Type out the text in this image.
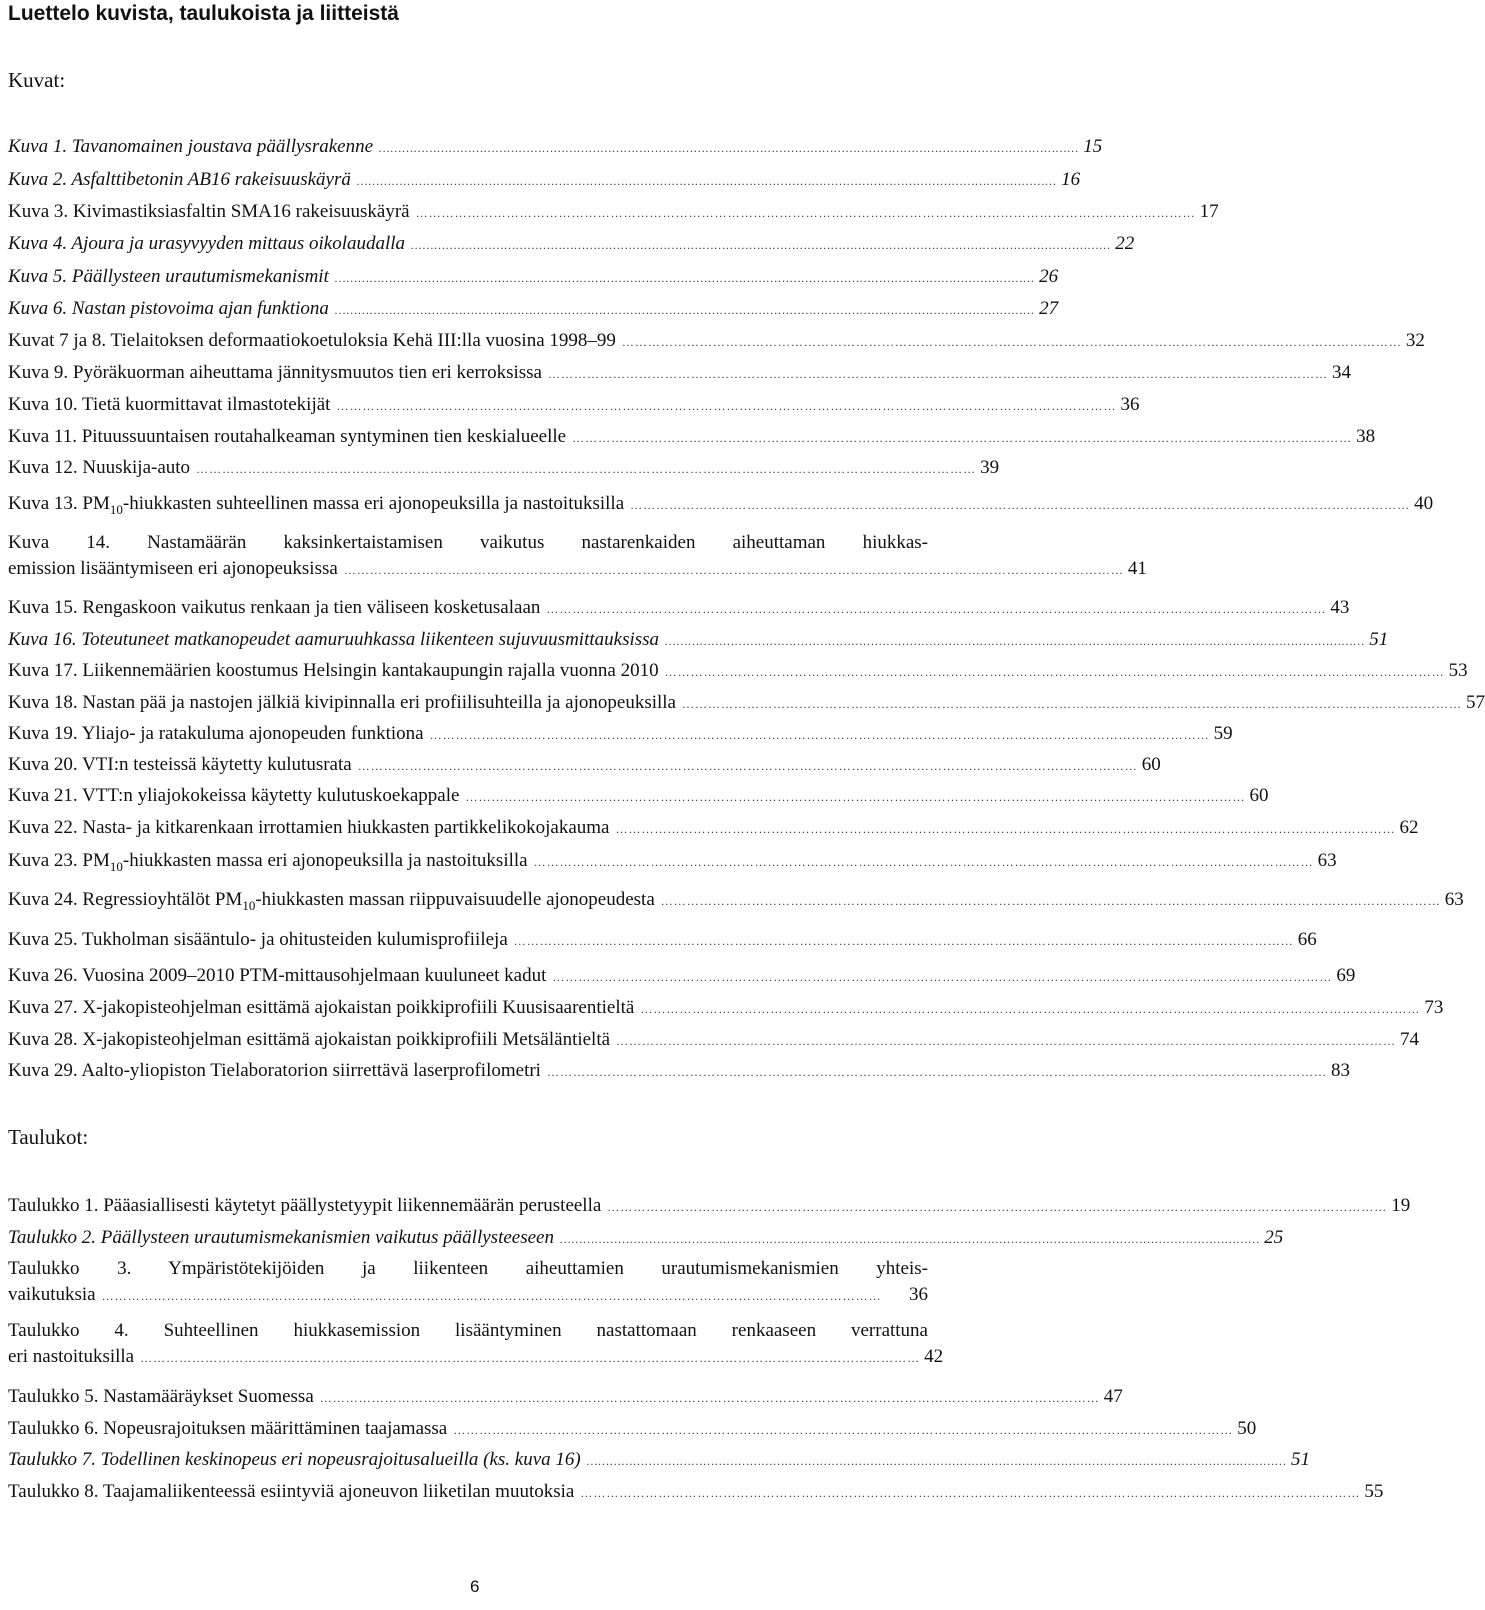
Luettelo kuvista, taulukoista ja liitteistä
Kuvat:
Taulukot:
Kuva 1. Tavanomainen joustava päällysrakenne ……………………………………………………………………………………………………………………………………………………………… 15
Kuva 2. Asfalttibetonin AB16 rakeisuuskäyrä ……………………………………………………………………………………………………………………………………………………………… 16
Kuva 3. Kivimastiksiasfaltin SMA16 rakeisuuskäyrä ……………………………………………………………………………………………………………………………………………………………… 17
Kuva 4. Ajoura ja urasyvyyden mittaus oikolaudalla ……………………………………………………………………………………………………………………………………………………………… 22
Kuva 5. Päällysteen urautumismekanismit ……………………………………………………………………………………………………………………………………………………………… 26
Kuva 6. Nastan pistovoima ajan funktiona ……………………………………………………………………………………………………………………………………………………………… 27
Kuvat 7 ja 8. Tielaitoksen deformaatiokoetuloksia Kehä III:lla vuosina 1998–99 ……………………………………………………………………………………………………………………………………………………………… 32
Kuva 9. Pyöräkuorman aiheuttama jännitysmuutos tien eri kerroksissa ……………………………………………………………………………………………………………………………………………………………… 34
Kuva 10. Tietä kuormittavat ilmastotekijät ……………………………………………………………………………………………………………………………………………………………… 36
Kuva 11. Pituussuuntaisen routahalkeaman syntyminen tien keskialueelle ……………………………………………………………………………………………………………………………………………………………… 38
Kuva 12. Nuuskija-auto ……………………………………………………………………………………………………………………………………………………………… 39
Kuva 13. $PM_{10}$-hiukkasten suhteellinen massa eri ajonopeuksilla ja nastoituksilla ……………………………………………………………………………………………………………………………………………………………… 40
Kuva 14. Nastamäärän kaksinkertaistamisen vaikutus nastarenkaiden aiheuttaman hiukkas-
emission lisääntymiseen eri ajonopeuksissa ……………………………………………………………………………………………………………………………………………………………… 41
Kuva 15. Rengaskoon vaikutus renkaan ja tien väliseen kosketusalaan ……………………………………………………………………………………………………………………………………………………………… 43
Kuva 16. Toteutuneet matkanopeudet aamuruuhkassa liikenteen sujuvuusmittauksissa ……………………………………………………………………………………………………………………………………………………………… 51
Kuva 17. Liikennemäärien koostumus Helsingin kantakaupungin rajalla vuonna 2010 ……………………………………………………………………………………………………………………………………………………………… 53
Kuva 18. Nastan pää ja nastojen jälkiä kivipinnalla eri profiilisuhteilla ja ajonopeuksilla ……………………………………………………………………………………………………………………………………………………………… 57
Kuva 19. Yliajo- ja ratakuluma ajonopeuden funktiona ……………………………………………………………………………………………………………………………………………………………… 59
Kuva 20. VTI:n testeissä käytetty kulutusrata ……………………………………………………………………………………………………………………………………………………………… 60
Kuva 21. VTT:n yliajokokeissa käytetty kulutuskoekappale ……………………………………………………………………………………………………………………………………………………………… 60
Kuva 22. Nasta- ja kitkarenkaan irrottamien hiukkasten partikkelikokojakauma ……………………………………………………………………………………………………………………………………………………………… 62
Kuva 23. $PM_{10}$-hiukkasten massa eri ajonopeuksilla ja nastoituksilla ……………………………………………………………………………………………………………………………………………………………… 63
Kuva 24. Regressioyhtälöt $PM_{10}$-hiukkasten massan riippuvaisuudelle ajonopeudesta ……………………………………………………………………………………………………………………………………………………………… 63
Kuva 25. Tukholman sisääntulo- ja ohitusteiden kulumisprofiileja ……………………………………………………………………………………………………………………………………………………………… 66
Kuva 26. Vuosina 2009–2010 PTM-mittausohjelmaan kuuluneet kadut ……………………………………………………………………………………………………………………………………………………………… 69
Kuva 27. X-jakopisteohjelman esittämä ajokaistan poikkiprofiili Kuusisaarentieltä ……………………………………………………………………………………………………………………………………………………………… 73
Kuva 28. X-jakopisteohjelman esittämä ajokaistan poikkiprofiili Metsäläntieltä ……………………………………………………………………………………………………………………………………………………………… 74
Kuva 29. Aalto-yliopiston Tielaboratorion siirrettävä laserprofilometri ……………………………………………………………………………………………………………………………………………………………… 83
Taulukko 1. Pääasiallisesti käytetyt päällystetyypit liikennemäärän perusteella ……………………………………………………………………………………………………………………………………………………………… 19
Taulukko 2. Päällysteen urautumismekanismien vaikutus päällysteeseen ……………………………………………………………………………………………………………………………………………………………… 25
Taulukko 3. Ympäristötekijöiden ja liikenteen aiheuttamien urautumismekanismien yhteis-
vaikutuksia ………………………………………………………………………………………………………………………………………………………………	36
Taulukko 4. Suhteellinen hiukkasemission lisääntyminen nastattomaan renkaaseen verrattuna
eri nastoituksilla ……………………………………………………………………………………………………………………………………………………………… 42
Taulukko 5. Nastamääräykset Suomessa ……………………………………………………………………………………………………………………………………………………………… 47
Taulukko 6. Nopeusrajoituksen määrittäminen taajamassa ……………………………………………………………………………………………………………………………………………………………… 50
Taulukko 7. Todellinen keskinopeus eri nopeusrajoitusalueilla (ks. kuva 16) ……………………………………………………………………………………………………………………………………………………………… 51
Taulukko 8. Taajamaliikenteessä esiintyviä ajoneuvon liiketilan muutoksia ……………………………………………………………………………………………………………………………………………………………… 55
6
